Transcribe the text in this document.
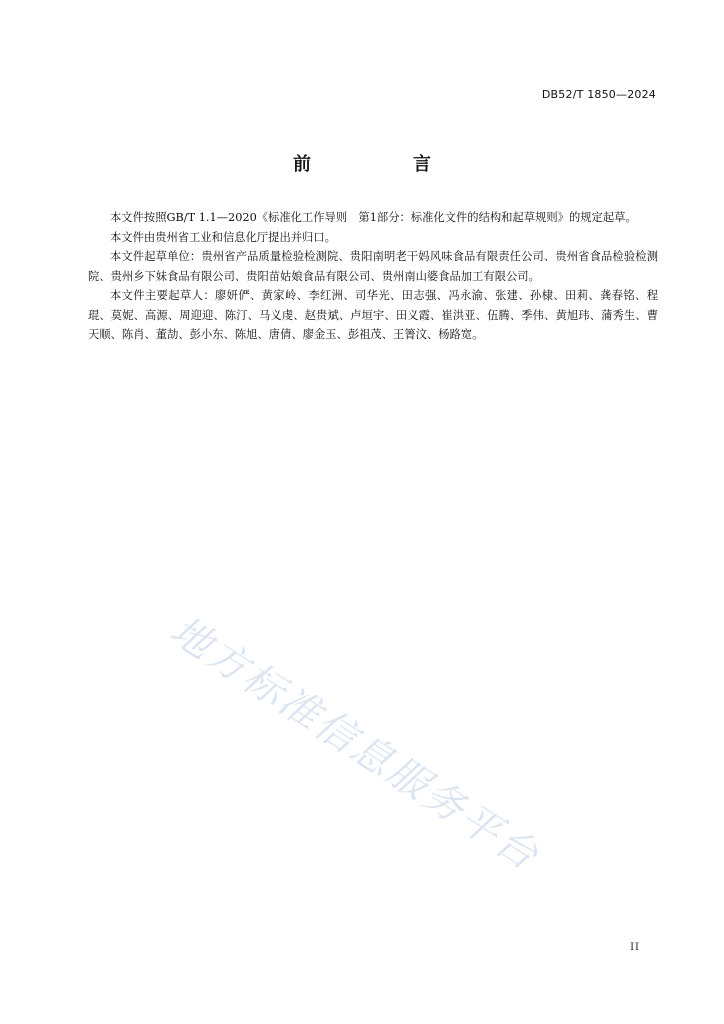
DB52/T 1850—2024
前　言

本文件按照GB/T 1.1—2020《标准化工作导则　第1部分：标准化文件的结构和起草规则》的规定起草。

本文件由贵州省工业和信息化厅提出并归口。

本文件起草单位：贵州省产品质量检验检测院、贵阳南明老干妈风味食品有限责任公司、贵州省食品检验检测院、贵州乡下妹食品有限公司、贵阳苗姑娘食品有限公司、贵州南山婆食品加工有限公司。

本文件主要起草人：廖妍俨、黄家岭、李红洲、司华光、田志强、冯永渝、张建、孙棣、田莉、龚春铭、程琨、莫妮、高源、周迎迎、陈汀、马义虔、赵贵斌、卢垣宇、田义霞、崔洪亚、伍腾、季伟、黄旭玮、蒲秀生、曹天顺、陈肖、董劼、彭小东、陈旭、唐倩、廖金玉、彭祖茂、王箐汶、杨路宽。

地方标准信息服务平台
II
